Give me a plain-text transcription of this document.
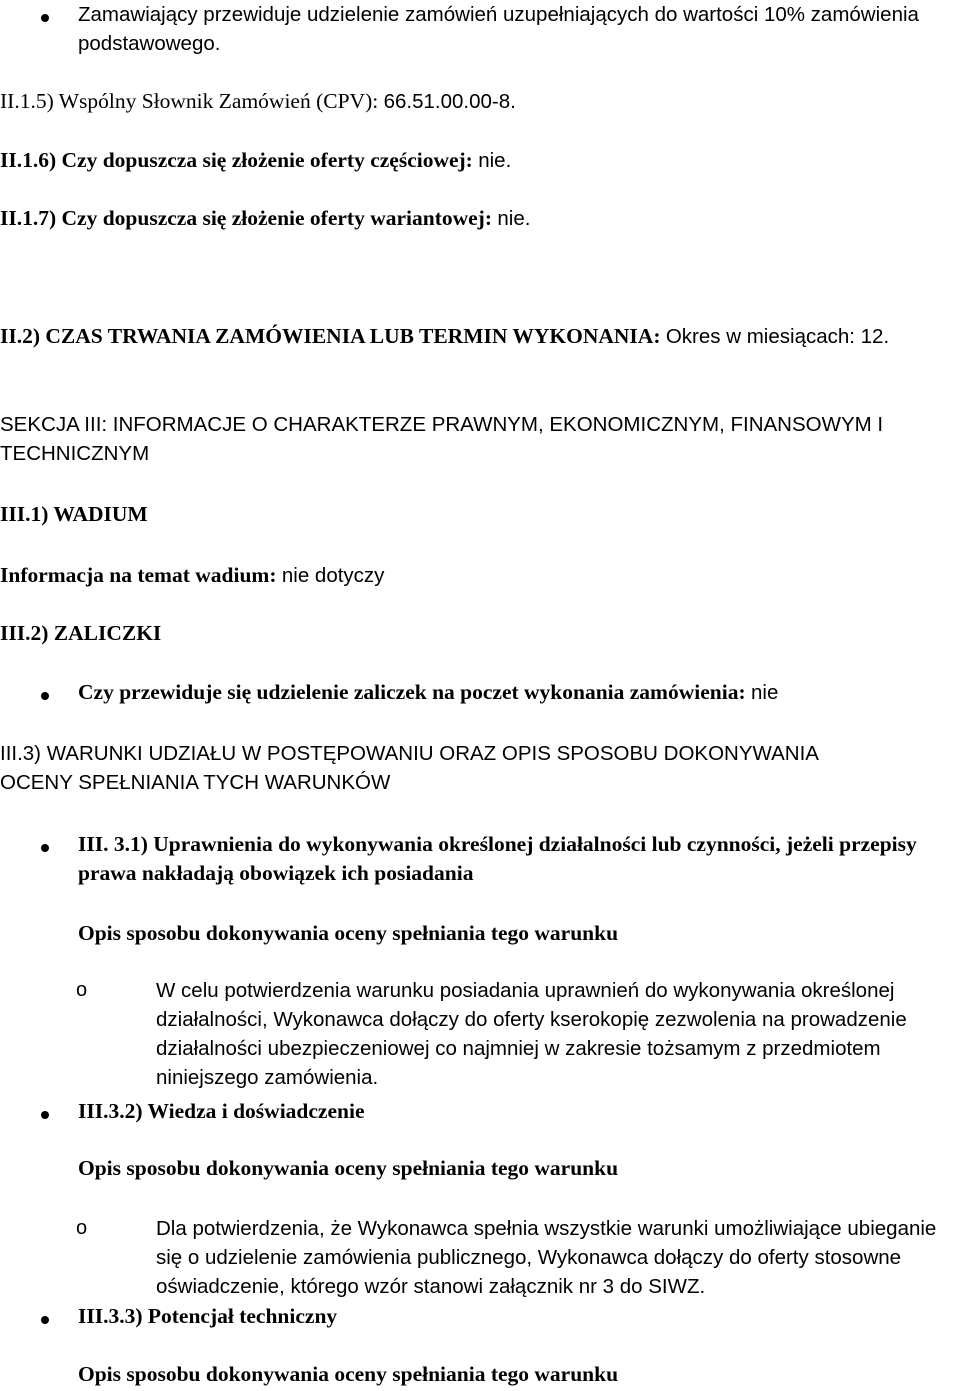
Zamawiający przewiduje udzielenie zamówień uzupełniających do wartości 10% zamówienia podstawowego.

II.1.5) Wspólny Słownik Zamówień (CPV): 66.51.00.00-8.

II.1.6) Czy dopuszcza się złożenie oferty częściowej: nie.

II.1.7) Czy dopuszcza się złożenie oferty wariantowej: nie.

II.2) CZAS TRWANIA ZAMÓWIENIA LUB TERMIN WYKONANIA: Okres w miesiącach: 12.

SEKCJA III: INFORMACJE O CHARAKTERZE PRAWNYM, EKONOMICZNYM, FINANSOWYM I TECHNICZNYM

III.1) WADIUM

Informacja na temat wadium: nie dotyczy

III.2) ZALICZKI

Czy przewiduje się udzielenie zaliczek na poczet wykonania zamówienia: nie

III.3) WARUNKI UDZIAŁU W POSTĘPOWANIU ORAZ OPIS SPOSOBU DOKONYWANIA OCENY SPEŁNIANIA TYCH WARUNKÓW

III. 3.1) Uprawnienia do wykonywania określonej działalności lub czynności, jeżeli przepisy prawa nakładają obowiązek ich posiadania

Opis sposobu dokonywania oceny spełniania tego warunku

o	W celu potwierdzenia warunku posiadania uprawnień do wykonywania określonej działalności, Wykonawca dołączy do oferty kserokopię zezwolenia na prowadzenie działalności ubezpieczeniowej co najmniej w zakresie tożsamym z przedmiotem niniejszego zamówienia.

III.3.2) Wiedza i doświadczenie

Opis sposobu dokonywania oceny spełniania tego warunku

o	Dla potwierdzenia, że Wykonawca spełnia wszystkie warunki umożliwiające ubieganie się o udzielenie zamówienia publicznego, Wykonawca dołączy do oferty stosowne oświadczenie, którego wzór stanowi załącznik nr 3 do SIWZ.

III.3.3) Potencjał techniczny

Opis sposobu dokonywania oceny spełniania tego warunku
